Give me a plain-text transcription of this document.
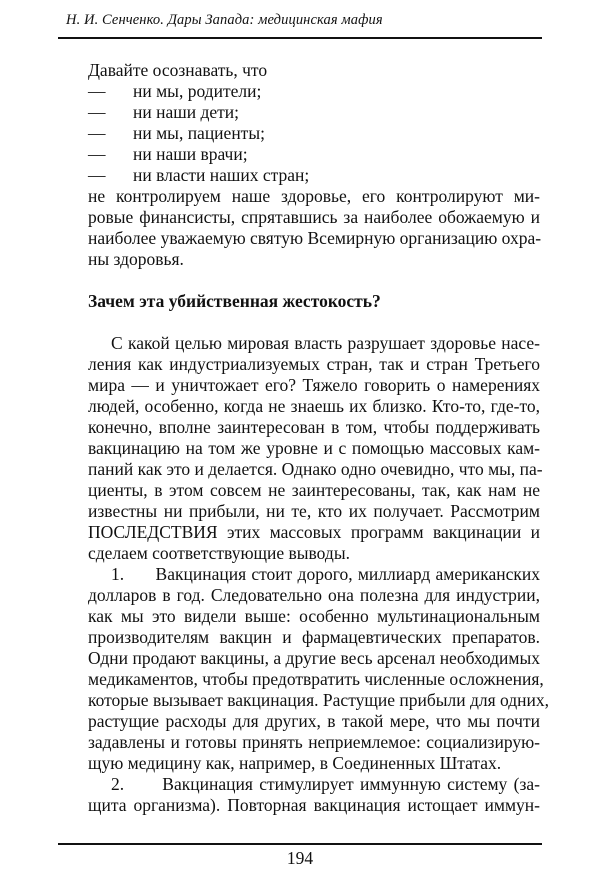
Н. И. Сенченко. Дары Запада: медицинская мафия
Давайте осознавать, что
— ни мы, родители;
— ни наши дети;
— ни мы, пациенты;
— ни наши врачи;
— ни власти наших стран;
не контролируем наше здоровье, его контролируют ми-
ровые финансисты, спрятавшись за наиболее обожаемую и
наиболее уважаемую святую Всемирную организацию охра-
ны здоровья.
Зачем эта убийственная жестокость?
С какой целью мировая власть разрушает здоровье насе-
ления как индустриализуемых стран, так и стран Третьего
мира — и уничтожает его? Тяжело говорить о намерениях
людей, особенно, когда не знаешь их близко. Кто-то, где-то,
конечно, вполне заинтересован в том, чтобы поддерживать
вакцинацию на том же уровне и с помощью массовых кам-
паний как это и делается. Однако одно очевидно, что мы, па-
циенты, в этом совсем не заинтересованы, так, как нам не
известны ни прибыли, ни те, кто их получает. Рассмотрим
ПОСЛЕДСТВИЯ этих массовых программ вакцинации и
сделаем соответствующие выводы.
1.      Вакцинация стоит дорого, миллиард американских
долларов в год. Следовательно она полезна для индустрии,
как мы это видели выше: особенно мультинациональным
производителям вакцин и фармацевтических препаратов.
Одни продают вакцины, а другие весь арсенал необходимых
медикаментов, чтобы предотвратить численные осложнения,
которые вызывает вакцинация. Растущие прибыли для одних,
растущие расходы для других, в такой мере, что мы почти
задавлены и готовы принять неприемлемое: социализирую-
щую медицину как, например, в Соединенных Штатах.
2.      Вакцинация стимулирует иммунную систему (за-
щита организма). Повторная вакцинация истощает иммун-
194
